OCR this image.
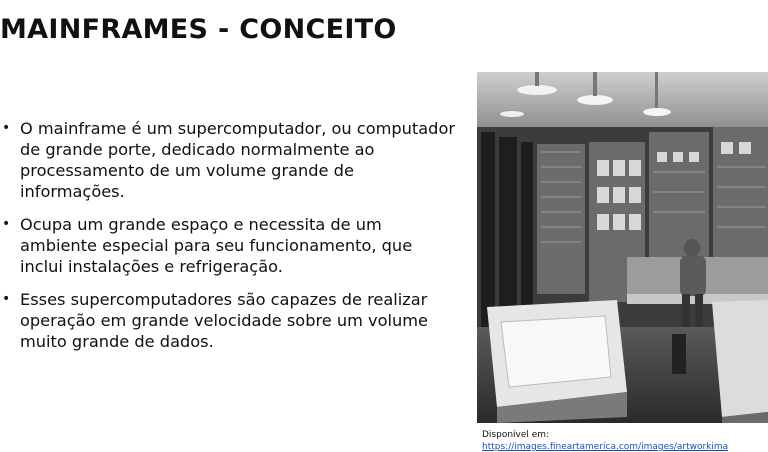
MAINFRAMES - CONCEITO
• O mainframe é um supercomputador, ou computador de grande porte, dedicado normalmente ao processamento de um volume grande de informações.
• Ocupa um grande espaço e necessita de um ambiente especial para seu funcionamento, que inclui instalações e refrigeração.
• Esses supercomputadores são capazes de realizar operação em grande velocidade sobre um volume muito grande de dados.
Disponível em:
https://images.fineartamerica.com/images/artworkima
